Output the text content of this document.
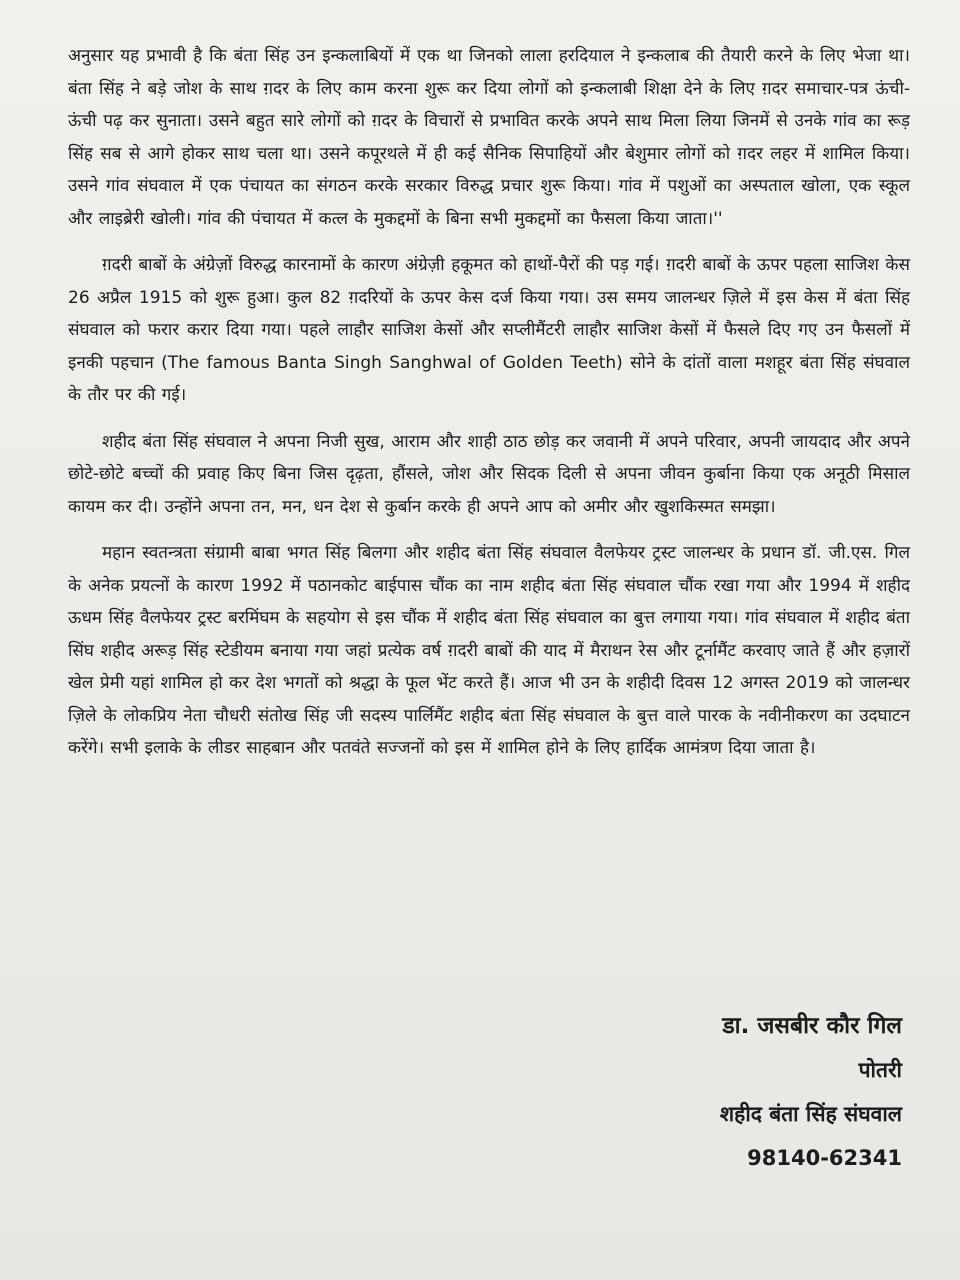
अनुसार यह प्रभावी है कि बंता सिंह उन इन्कलाबियों में एक था जिनको लाला हरदियाल ने इन्कलाब की तैयारी करने के लिए भेजा था। बंता सिंह ने बड़े जोश के साथ ग़दर के लिए काम करना शुरू कर दिया लोगों को इन्कलाबी शिक्षा देने के लिए ग़दर समाचार-पत्र ऊंची-ऊंची पढ़ कर सुनाता। उसने बहुत सारे लोगों को ग़दर के विचारों से प्रभावित करके अपने साथ मिला लिया जिनमें से उनके गांव का रूड़ सिंह सब से आगे होकर साथ चला था। उसने कपूरथले में ही कई सैनिक सिपाहियों और बेशुमार लोगों को ग़दर लहर में शामिल किया। उसने गांव संघवाल में एक पंचायत का संगठन करके सरकार विरुद्ध प्रचार शुरू किया। गांव में पशुओं का अस्पताल खोला, एक स्कूल और लाइब्रेरी खोली। गांव की पंचायत में कत्ल के मुकद्दमों के बिना सभी मुकद्दमों का फैसला किया जाता।''

ग़दरी बाबों के अंग्रेज़ों विरुद्ध कारनामों के कारण अंग्रेज़ी हकूमत को हाथों-पैरों की पड़ गई। ग़दरी बाबों के ऊपर पहला साजिश केस 26 अप्रैल 1915 को शुरू हुआ। कुल 82 ग़दरियों के ऊपर केस दर्ज किया गया। उस समय जालन्धर ज़िले में इस केस में बंता सिंह संघवाल को फरार करार दिया गया। पहले लाहौर साजिश केसों और सप्लीमैंटरी लाहौर साजिश केसों में फैसले दिए गए उन फैसलों में इनकी पहचान (The famous Banta Singh Sanghwal of Golden Teeth) सोने के दांतों वाला मशहूर बंता सिंह संघवाल के तौर पर की गई।

शहीद बंता सिंह संघवाल ने अपना निजी सुख, आराम और शाही ठाठ छोड़ कर जवानी में अपने परिवार, अपनी जायदाद और अपने छोटे-छोटे बच्चों की प्रवाह किए बिना जिस दृढ़ता, हौंसले, जोश और सिदक दिली से अपना जीवन कुर्बाना किया एक अनूठी मिसाल कायम कर दी। उन्होंने अपना तन, मन, धन देश से कुर्बान करके ही अपने आप को अमीर और खुशकिस्मत समझा।

महान स्वतन्त्रता संग्रामी बाबा भगत सिंह बिलगा और शहीद बंता सिंह संघवाल वैलफेयर ट्रस्ट जालन्धर के प्रधान डॉ. जी.एस. गिल के अनेक प्रयत्नों के कारण 1992 में पठानकोट बाईपास चौंक का नाम शहीद बंता सिंह संघवाल चौंक रखा गया और 1994 में शहीद ऊधम सिंह वैलफेयर ट्रस्ट बरमिंघम के सहयोग से इस चौंक में शहीद बंता सिंह संघवाल का बुत्त लगाया गया। गांव संघवाल में शहीद बंता सिंघ शहीद अरूड़ सिंह स्टेडीयम बनाया गया जहां प्रत्येक वर्ष ग़दरी बाबों की याद में मैराथन रेस और टूर्नामैंट करवाए जाते हैं और हज़ारों खेल प्रेमी यहां शामिल हो कर देश भगतों को श्रद्धा के फूल भेंट करते हैं। आज भी उन के शहीदी दिवस 12 अगस्त 2019 को जालन्धर ज़िले के लोकप्रिय नेता चौधरी संतोख सिंह जी सदस्य पार्लिमैंट शहीद बंता सिंह संघवाल के बुत्त वाले पारक के नवीनीकरण का उदघाटन करेंगे। सभी इलाके के लीडर साहबान और पतवंते सज्जनों को इस में शामिल होने के लिए हार्दिक आमंत्रण दिया जाता है।

डा. जसबीर कौर गिल
पोतरी
शहीद बंता सिंह संघवाल
98140-62341
